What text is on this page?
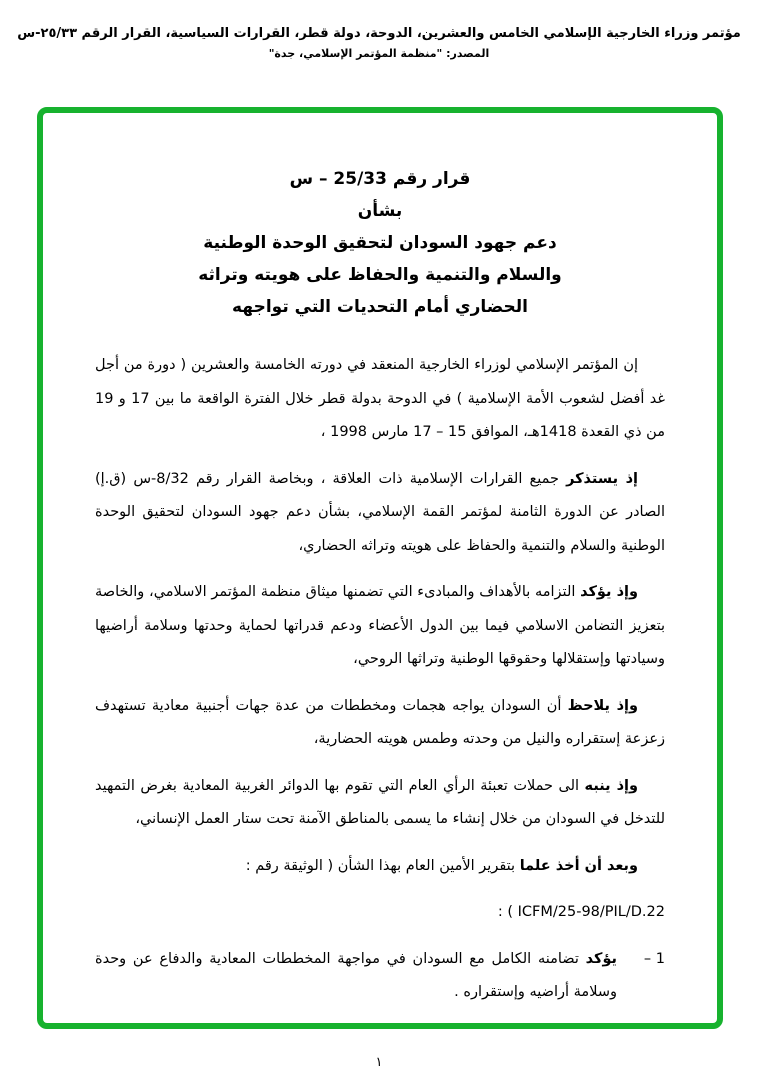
مؤتمر وزراء الخارجية الإسلامي الخامس والعشرين، الدوحة، دولة قطر، القرارات السياسية، القرار الرقم ٢٥/٣٣-س
المصدر: "منظمة المؤتمر الإسلامي، جدة"
قرار رقم 25/33 – س
بشأن
دعم جهود السودان لتحقيق الوحدة الوطنية
والسلام والتنمية والحفاظ على هويته وتراثه
الحضاري أمام التحديات التي تواجهه

إن المؤتمر الإسلامي لوزراء الخارجية المنعقد في دورته الخامسة والعشرين ( دورة من أجل غد أفضل لشعوب الأمة الإسلامية ) في الدوحة بدولة قطر خلال الفترة الواقعة ما بين 17 و 19 من ذي القعدة 1418هـ، الموافق 15 – 17 مارس 1998 ،

إذ يستذكر جميع القرارات الإسلامية ذات العلاقة ، وبخاصة القرار رقم 8/32-س (ق.إ) الصادر عن الدورة الثامنة لمؤتمر القمة الإسلامي، بشأن دعم جهود السودان لتحقيق الوحدة الوطنية والسلام والتنمية والحفاظ على هويته وتراثه الحضاري،

وإذ يؤكد التزامه بالأهداف والمبادىء التي تضمنها ميثاق منظمة المؤتمر الاسلامي، والخاصة بتعزيز التضامن الاسلامي فيما بين الدول الأعضاء ودعم قدراتها لحماية وحدتها وسلامة أراضيها وسيادتها وإستقلالها وحقوقها الوطنية وتراثها الروحي،

وإذ يلاحظ أن السودان يواجه هجمات ومخططات من عدة جهات أجنبية معادية تستهدف زعزعة إستقراره والنيل من وحدته وطمس هويته الحضارية،

وإذ ينبه الى حملات تعبئة الرأي العام التي تقوم بها الدوائر الغربية المعادية بغرض التمهيد للتدخل في السودان من خلال إنشاء ما يسمى بالمناطق الآمنة تحت ستار العمل الإنساني،

وبعد أن أخذ علما بتقرير الأمين العام بهذا الشأن ( الوثيقة رقم :

ICFM/25-98/PIL/D.22 ) :
1 –
يؤكد تضامنه الكامل مع السودان في مواجهة المخططات المعادية والدفاع عن وحدة وسلامة أراضيه وإستقراره .
١
